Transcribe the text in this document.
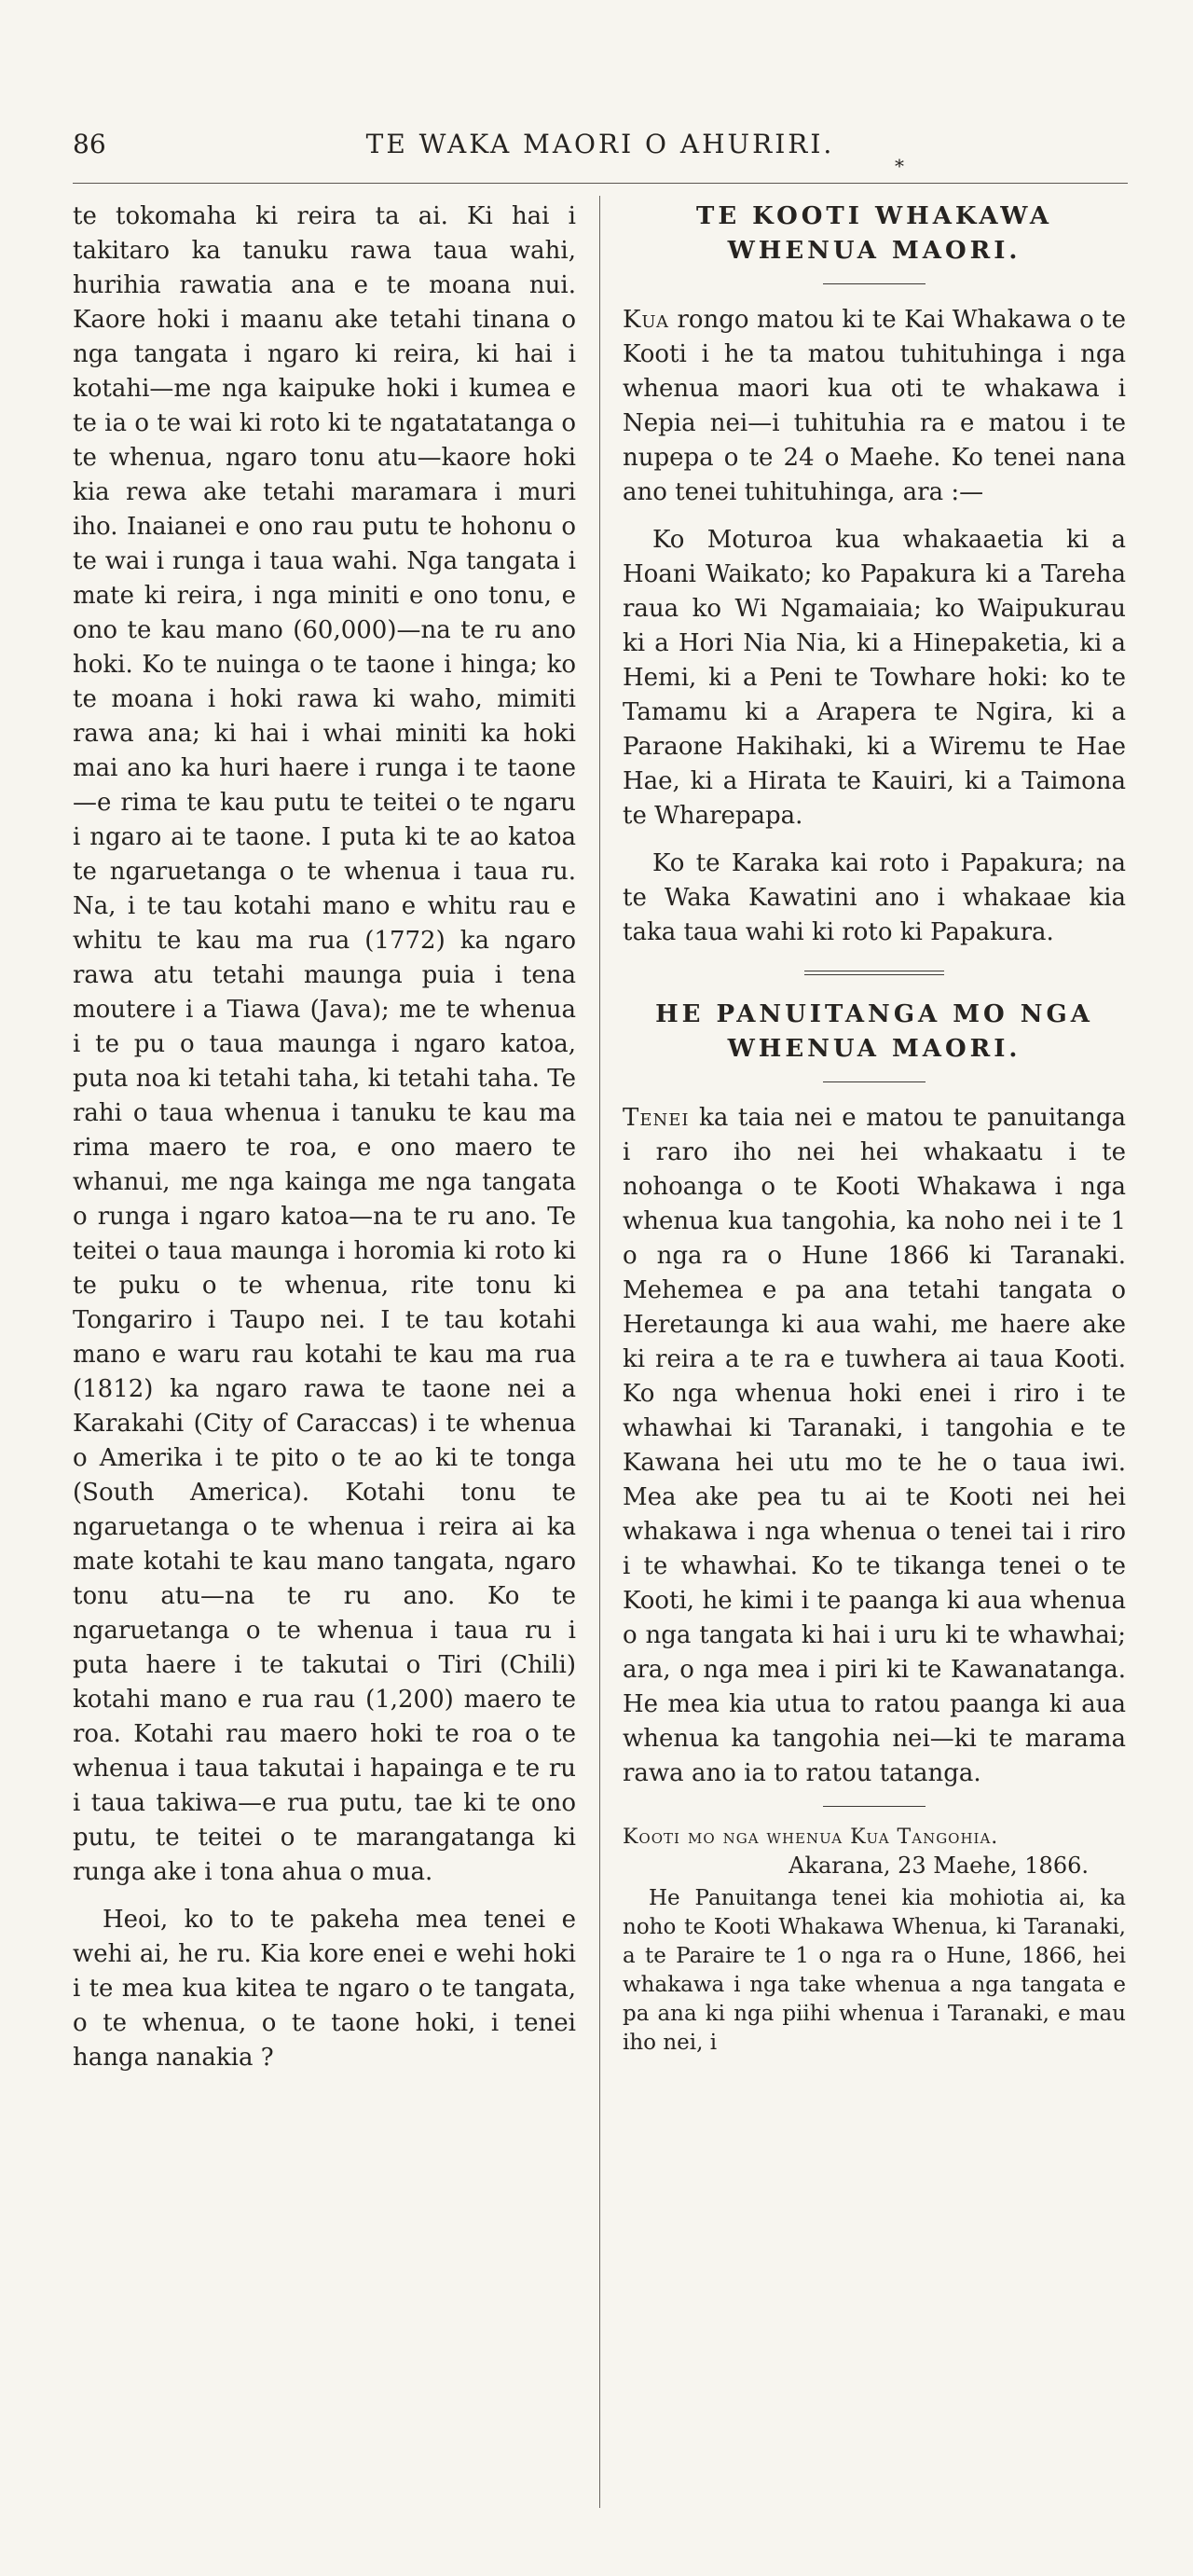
86	TE WAKA MAORI O AHURIRI.
*

te tokomaha ki reira ta ai. Ki hai i takitaro ka tanuku rawa taua wahi, hurihia rawatia ana e te moana nui. Kaore hoki i maanu ake tetahi tinana o nga tangata i ngaro ki reira, ki hai i kotahi—me nga kaipuke hoki i kumea e te ia o te wai ki roto ki te ngatatatanga o te whenua, ngaro tonu atu—kaore hoki kia rewa ake tetahi maramara i muri iho. Inaianei e ono rau putu te hohonu o te wai i runga i taua wahi. Nga tangata i mate ki reira, i nga miniti e ono tonu, e ono te kau mano (60,000)—na te ru ano hoki. Ko te nuinga o te taone i hinga; ko te moana i hoki rawa ki waho, mimiti rawa ana; ki hai i whai miniti ka hoki mai ano ka huri haere i runga i te taone—e rima te kau putu te teitei o te ngaru i ngaro ai te taone. I puta ki te ao katoa te ngaruetanga o te whenua i taua ru. Na, i te tau kotahi mano e whitu rau e whitu te kau ma rua (1772) ka ngaro rawa atu tetahi maunga puia i tena moutere i a Tiawa (Java); me te whenua i te pu o taua maunga i ngaro katoa, puta noa ki tetahi taha, ki tetahi taha. Te rahi o taua whenua i tanuku te kau ma rima maero te roa, e ono maero te whanui, me nga kainga me nga tangata o runga i ngaro katoa—na te ru ano. Te teitei o taua maunga i horomia ki roto ki te puku o te whenua, rite tonu ki Tongariro i Taupo nei. I te tau kotahi mano e waru rau kotahi te kau ma rua (1812) ka ngaro rawa te taone nei a Karakahi (City of Caraccas) i te whenua o Amerika i te pito o te ao ki te tonga (South America). Kotahi tonu te ngaruetanga o te whenua i reira ai ka mate kotahi te kau mano tangata, ngaro tonu atu—na te ru ano. Ko te ngaruetanga o te whenua i taua ru i puta haere i te takutai o Tiri (Chili) kotahi mano e rua rau (1,200) maero te roa. Kotahi rau maero hoki te roa o te whenua i taua takutai i hapainga e te ru i taua takiwa—e rua putu, tae ki te ono putu, te teitei o te marangatanga ki runga ake i tona ahua o mua.

Heoi, ko to te pakeha mea tenei e wehi ai, he ru. Kia kore enei e wehi hoki i te mea kua kitea te ngaro o te tangata, o te whenua, o te taone hoki, i tenei hanga nanakia ?

TE KOOTI WHAKAWA WHENUA MAORI.

Kua rongo matou ki te Kai Whakawa o te Kooti i he ta matou tuhituhinga i nga whenua maori kua oti te whakawa i Nepia nei—i tuhituhia ra e matou i te nupepa o te 24 o Maehe. Ko tenei nana ano tenei tuhituhinga, ara :—

Ko Moturoa kua whakaaetia ki a Hoani Waikato; ko Papakura ki a Tareha raua ko Wi Ngamaiaia; ko Waipukurau ki a Hori Nia Nia, ki a Hinepaketia, ki a Hemi, ki a Peni te Towhare hoki: ko te Tamamu ki a Arapera te Ngira, ki a Paraone Hakihaki, ki a Wiremu te Hae Hae, ki a Hirata te Kauiri, ki a Taimona te Wharepapa.

Ko te Karaka kai roto i Papakura; na te Waka Kawatini ano i whakaae kia taka taua wahi ki roto ki Papakura.

HE PANUITANGA MO NGA WHENUA MAORI.

Tenei ka taia nei e matou te panuitanga i raro iho nei hei whakaatu i te nohoanga o te Kooti Whakawa i nga whenua kua tangohia, ka noho nei i te 1 o nga ra o Hune 1866 ki Taranaki. Mehemea e pa ana tetahi tangata o Heretaunga ki aua wahi, me haere ake ki reira a te ra e tuwhera ai taua Kooti. Ko nga whenua hoki enei i riro i te whawhai ki Taranaki, i tangohia e te Kawana hei utu mo te he o taua iwi. Mea ake pea tu ai te Kooti nei hei whakawa i nga whenua o tenei tai i riro i te whawhai. Ko te tikanga tenei o te Kooti, he kimi i te paanga ki aua whenua o nga tangata ki hai i uru ki te whawhai; ara, o nga mea i piri ki te Kawanatanga. He mea kia utua to ratou paanga ki aua whenua ka tangohia nei—ki te marama rawa ano ia to ratou tatanga.

Kooti mo nga whenua Kua Tangohia.

Akarana, 23 Maehe, 1866.

He Panuitanga tenei kia mohiotia ai, ka noho te Kooti Whakawa Whenua, ki Taranaki, a te Paraire te 1 o nga ra o Hune, 1866, hei whakawa i nga take whenua a nga tangata e pa ana ki nga piihi whenua i Taranaki, e mau iho nei, i
